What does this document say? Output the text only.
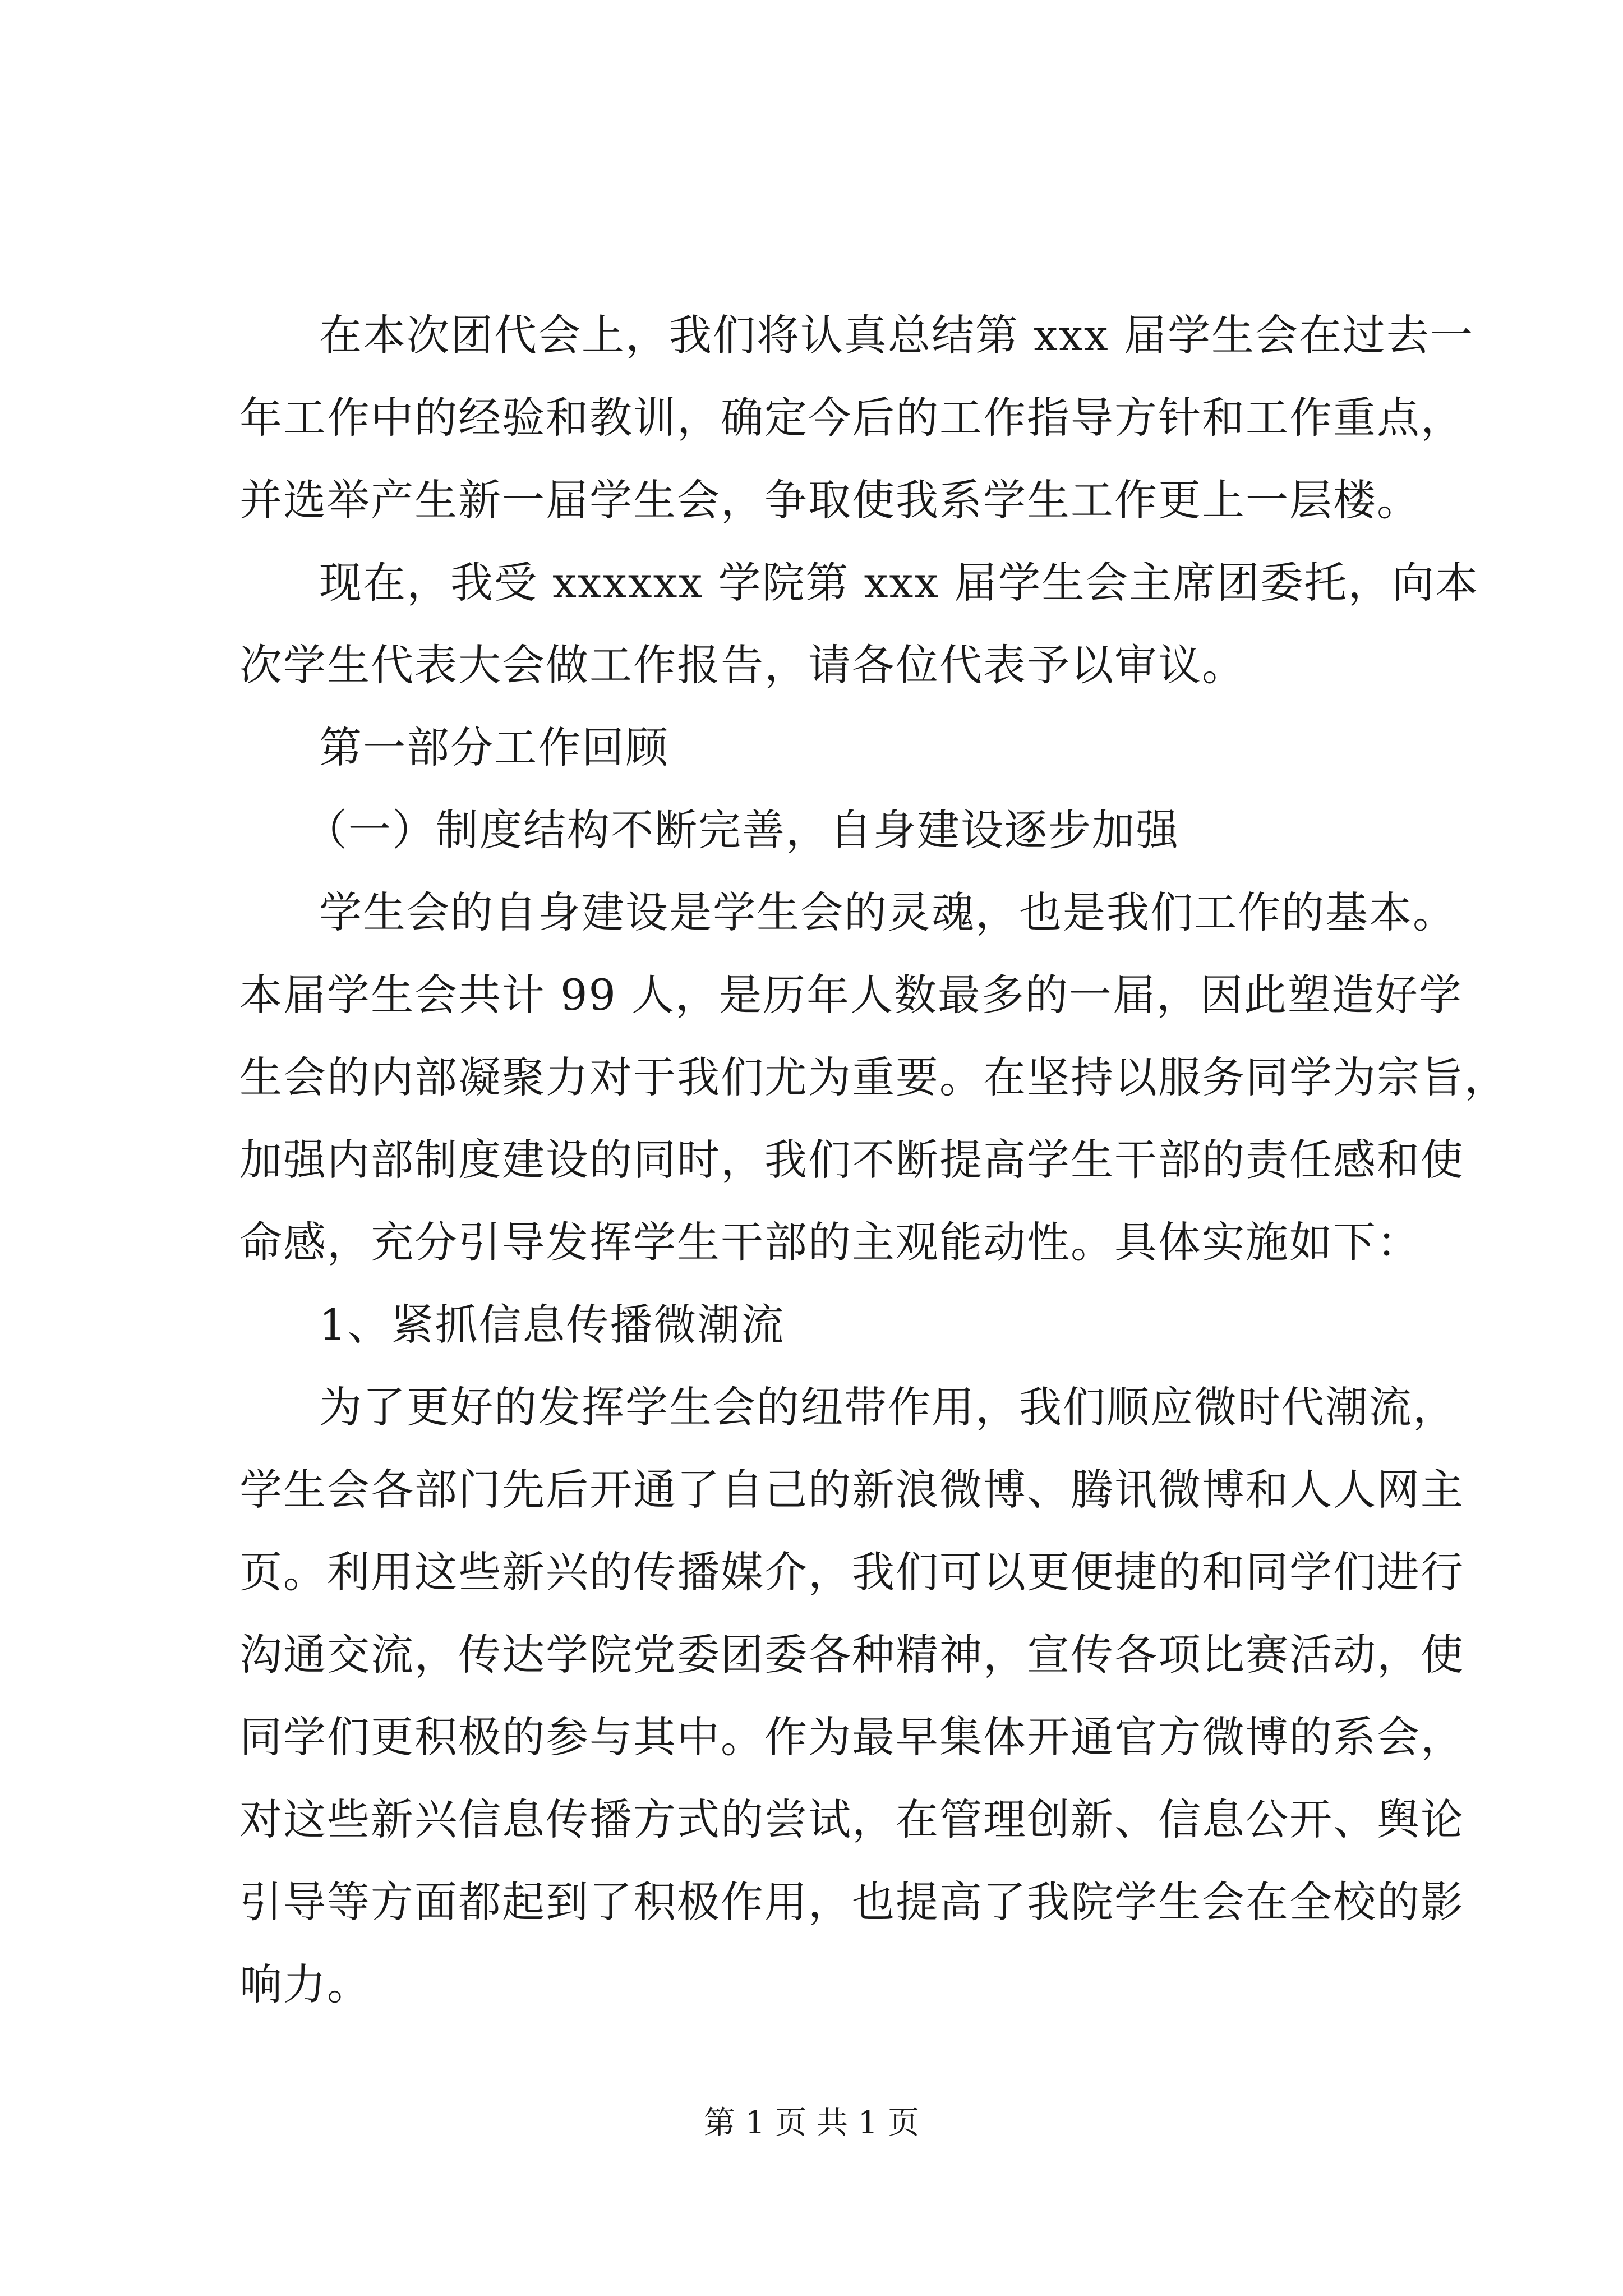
在本次团代会上，我们将认真总结第 xxx 届学生会在过去一
年工作中的经验和教训，确定今后的工作指导方针和工作重点，
并选举产生新一届学生会，争取使我系学生工作更上一层楼。
现在，我受 xxxxxx 学院第 xxx 届学生会主席团委托，向本
次学生代表大会做工作报告，请各位代表予以审议。
第一部分工作回顾
（一）制度结构不断完善，自身建设逐步加强
学生会的自身建设是学生会的灵魂，也是我们工作的基本。
本届学生会共计 99 人，是历年人数最多的一届，因此塑造好学
生会的内部凝聚力对于我们尤为重要。在坚持以服务同学为宗旨，
加强内部制度建设的同时，我们不断提高学生干部的责任感和使
命感，充分引导发挥学生干部的主观能动性。具体实施如下：
1、紧抓信息传播微潮流
为了更好的发挥学生会的纽带作用，我们顺应微时代潮流，
学生会各部门先后开通了自己的新浪微博、腾讯微博和人人网主
页。利用这些新兴的传播媒介，我们可以更便捷的和同学们进行
沟通交流，传达学院党委团委各种精神，宣传各项比赛活动，使
同学们更积极的参与其中。作为最早集体开通官方微博的系会，
对这些新兴信息传播方式的尝试，在管理创新、信息公开、舆论
引导等方面都起到了积极作用，也提高了我院学生会在全校的影
响力。
第 1 页 共 1 页
